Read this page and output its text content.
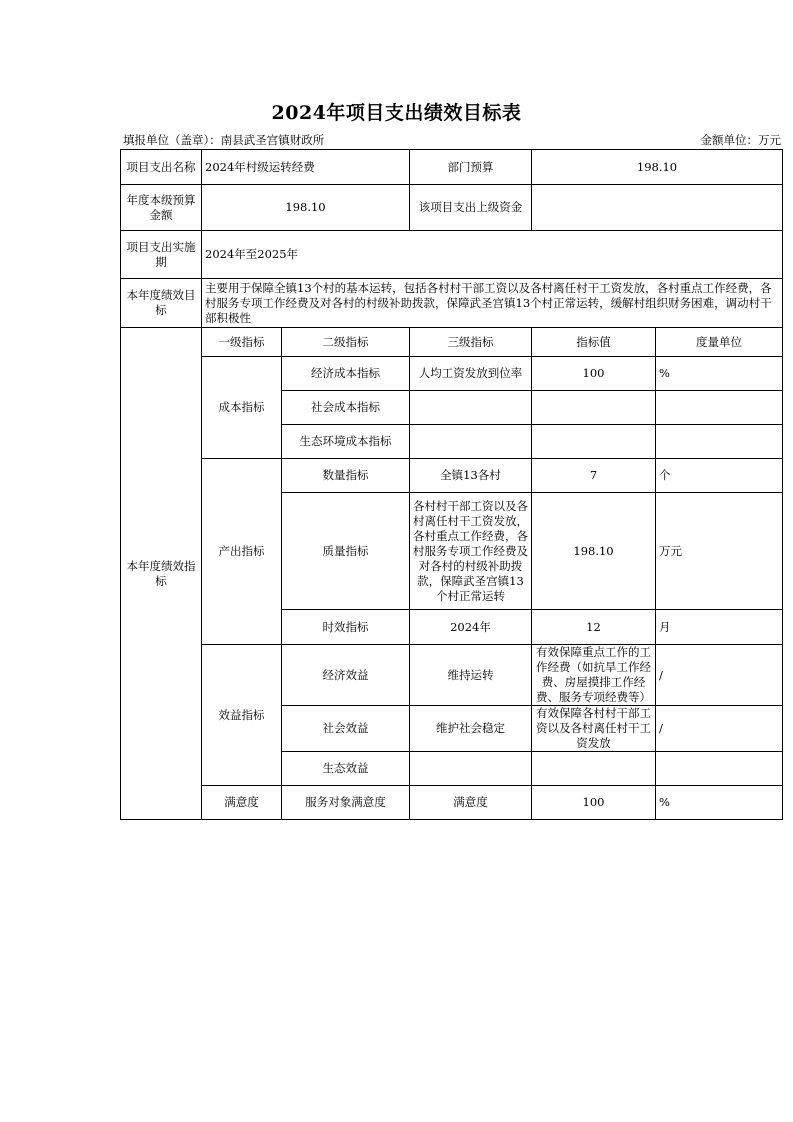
2024年项目支出绩效目标表
填报单位（盖章）：南县武圣宫镇财政所	金额单位：万元
项目支出名称	2024年村级运转经费		部门预算	198.10	
年度本级预算金额	198.10		该项目支出上级资金		
项目支出实施期	2024年至2025年				
本年度绩效目标	主要用于保障全镇13个村的基本运转，包括各村村干部工资以及各村离任村干工资发放，各村重点工作经费，各村服务专项工作经费及对各村的村级补助拨款，保障武圣宫镇13个村正常运转，缓解村组织财务困难，调动村干部积极性				
本年度绩效指标	一级指标	二级指标	三级指标	指标值	度量单位
	成本指标	经济成本指标	人均工资发放到位率	100	%
		社会成本指标			
		生态环境成本指标			
	产出指标	数量指标	全镇13各村	7	个
		质量指标	各村村干部工资以及各村离任村干工资发放，各村重点工作经费，各村服务专项工作经费及对各村的村级补助拨款，保障武圣宫镇13个村正常运转	198.10	万元
		时效指标	2024年	12	月
	效益指标	经济效益	维持运转	有效保障重点工作的工作经费（如抗旱工作经费、房屋摸排工作经费、服务专项经费等）	/
		社会效益	维护社会稳定	有效保障各村村干部工资以及各村离任村干工资发放	/
		生态效益			
	满意度	服务对象满意度	满意度	100	%
